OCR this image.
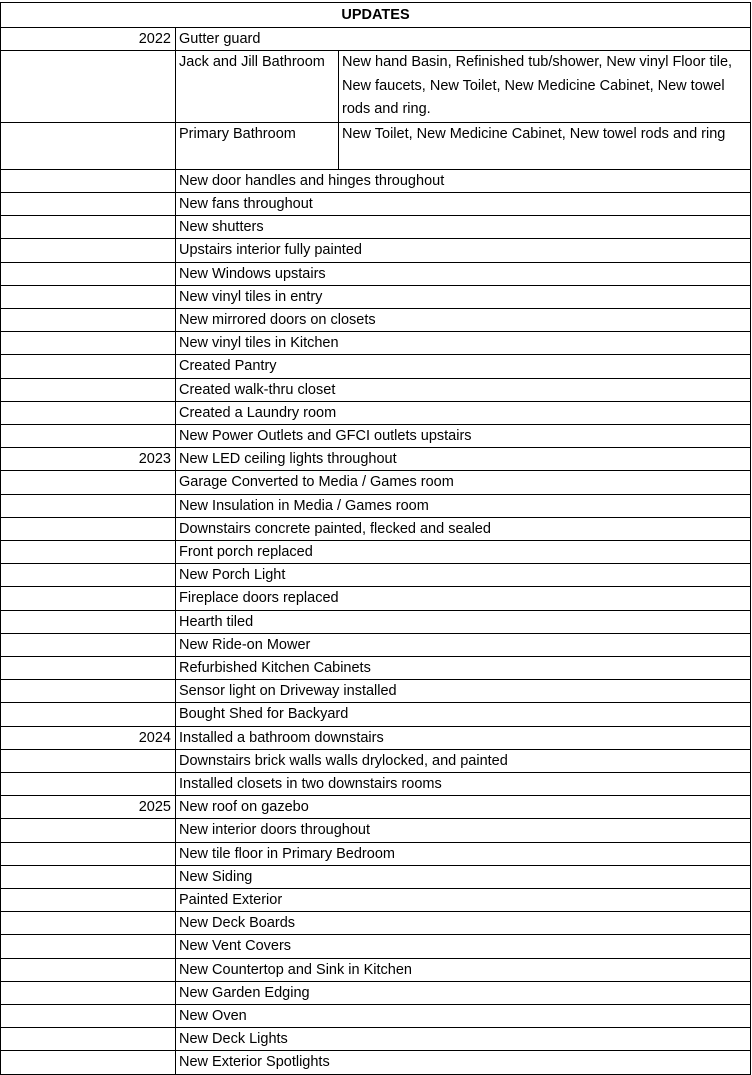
UPDATES		
2022	Gutter guard	
	Jack and Jill Bathroom	New hand Basin, Refinished tub/shower, New vinyl Floor tile, New faucets, New Toilet, New Medicine Cabinet, New towel rods and ring.
	Primary Bathroom	New Toilet, New Medicine Cabinet, New towel rods and ring
	New door handles and hinges throughout	
	New fans throughout	
	New shutters	
	Upstairs interior fully painted	
	New Windows upstairs	
	New vinyl tiles in entry	
	New mirrored doors on closets	
	New vinyl tiles in Kitchen	
	Created Pantry	
	Created walk-thru closet	
	Created a Laundry room	
	New Power Outlets and GFCI outlets upstairs	
2023	New LED ceiling lights throughout	
	Garage Converted to Media / Games room	
	New Insulation in Media / Games room	
	Downstairs concrete painted, flecked and sealed	
	Front porch replaced	
	New Porch Light	
	Fireplace doors replaced	
	Hearth tiled	
	New Ride-on Mower	
	Refurbished Kitchen Cabinets	
	Sensor light on Driveway installed	
	Bought Shed for Backyard	
2024	Installed a bathroom downstairs	
	Downstairs brick walls walls drylocked, and painted	
	Installed closets in two downstairs rooms	
2025	New roof on gazebo	
	New interior doors throughout	
	New tile floor in Primary Bedroom	
	New Siding	
	Painted Exterior	
	New Deck Boards	
	New Vent Covers	
	New Countertop and Sink in Kitchen	
	New Garden Edging	
	New Oven	
	New Deck Lights	
	New Exterior Spotlights	
